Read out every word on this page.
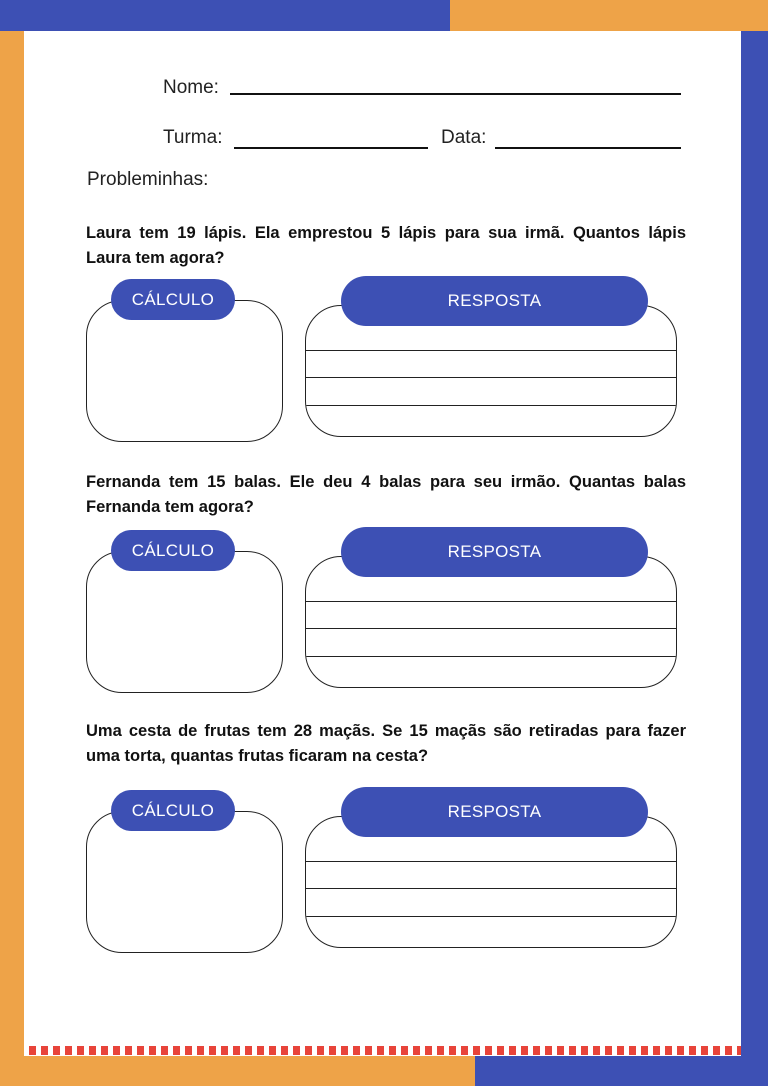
Nome:
Turma:	Data:
Probleminhas:
Laura tem 19 lápis. Ela emprestou 5 lápis para sua irmã. Quantos lápis Laura tem agora?
CÁLCULO	RESPOSTA
Fernanda tem 15 balas. Ele deu 4 balas para seu irmão. Quantas balas Fernanda tem agora?
CÁLCULO	RESPOSTA
Uma cesta de frutas tem 28 maçãs. Se 15 maçãs são retiradas para fazer uma torta, quantas frutas ficaram na cesta?
CÁLCULO	RESPOSTA
